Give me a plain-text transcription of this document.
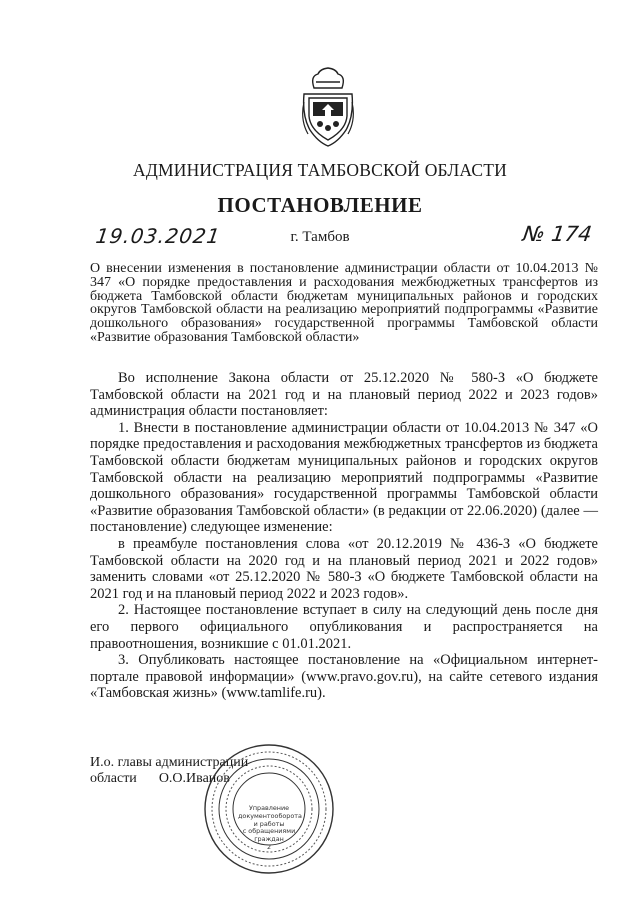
АДМИНИСТРАЦИЯ ТАМБОВСКОЙ ОБЛАСТИ
ПОСТАНОВЛЕНИЕ
19.03.2021	г. Тамбов	№ 174
О внесении изменения в постановление администрации области от 10.04.2013 № 347 «О порядке предоставления и расходования межбюджетных трансфертов из бюджета Тамбовской области бюджетам муниципальных районов и городских округов Тамбовской области на реализацию мероприятий подпрограммы «Развитие дошкольного образования» государственной программы Тамбовской области «Развитие образования Тамбовской области»

Во исполнение Закона области от 25.12.2020 № 580-З «О бюджете Тамбовской области на 2021 год и на плановый период 2022 и 2023 годов» администрация области постановляет:

1. Внести в постановление администрации области от 10.04.2013 № 347 «О порядке предоставления и расходования межбюджетных трансфертов из бюджета Тамбовской области бюджетам муниципальных районов и городских округов Тамбовской области на реализацию мероприятий подпрограммы «Развитие дошкольного образования» государственной программы Тамбовской области «Развитие образования Тамбовской области» (в редакции от 22.06.2020) (далее — постановление) следующее изменение:

в преамбуле постановления слова «от 20.12.2019 № 436-З «О бюджете Тамбовской области на 2020 год и на плановый период 2021 и 2022 годов» заменить словами «от 25.12.2020 № 580-З «О бюджете Тамбовской области на 2021 год и на плановый период 2022 и 2023 годов».

2. Настоящее постановление вступает в силу на следующий день после дня его первого официального опубликования и распространяется на правоотношения, возникшие с 01.01.2021.

3. Опубликовать настоящее постановление на «Официальном интернет-портале правовой информации» (www.pravo.gov.ru), на сайте сетевого издания «Тамбовская жизнь» (www.tamlife.ru).

И.о. главы администрации
области О.О.Иванов
Управление
документооборота
и работы
с обращениями
граждан
2
